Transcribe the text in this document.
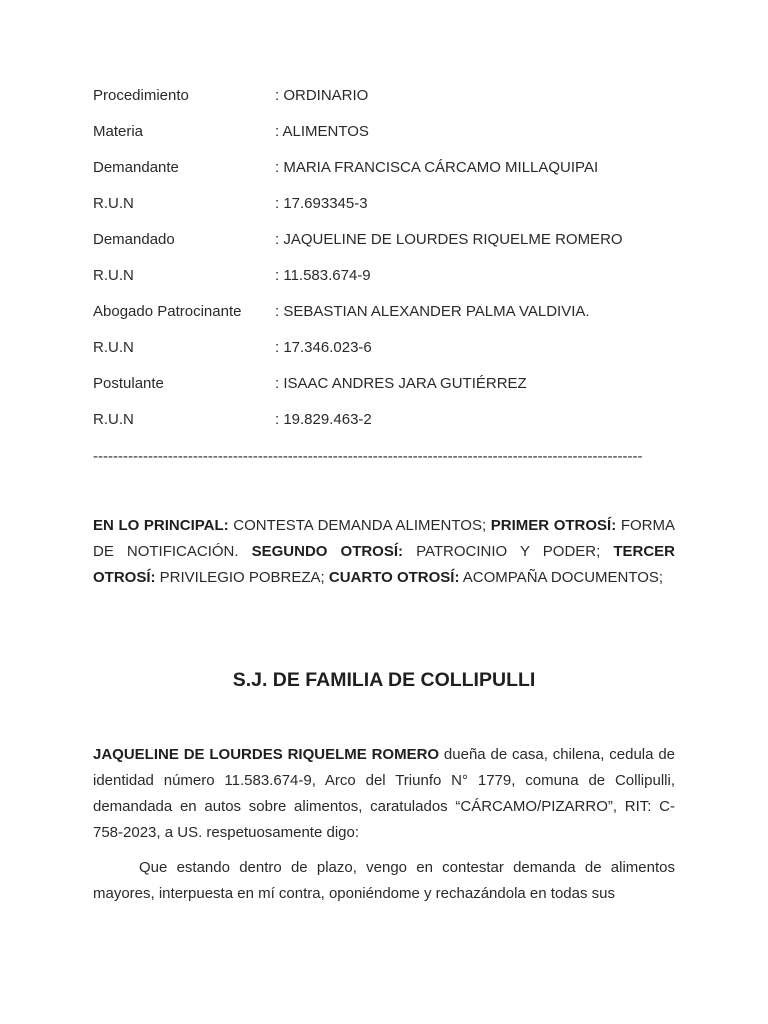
Procedimiento	: ORDINARIO
Materia	: ALIMENTOS
Demandante	: MARIA FRANCISCA CÁRCAMO MILLAQUIPAI
R.U.N	: 17.693345-3
Demandado	: JAQUELINE DE LOURDES RIQUELME ROMERO
R.U.N	: 11.583.674-9
Abogado Patrocinante : SEBASTIAN ALEXANDER PALMA VALDIVIA.
R.U.N	: 17.346.023-6
Postulante	: ISAAC ANDRES JARA GUTIÉRREZ
R.U.N	: 19.829.463-2
--------------------------------------------------------------------------------------------------------------
EN LO PRINCIPAL: CONTESTA DEMANDA ALIMENTOS; PRIMER OTROSÍ: FORMA DE NOTIFICACIÓN. SEGUNDO OTROSÍ: PATROCINIO Y PODER; TERCER OTROSÍ: PRIVILEGIO POBREZA; CUARTO OTROSÍ: ACOMPAÑA DOCUMENTOS;
S.J. DE FAMILIA DE COLLIPULLI
JAQUELINE DE LOURDES RIQUELME ROMERO dueña de casa, chilena, cedula de identidad número 11.583.674-9, Arco del Triunfo N° 1779, comuna de Collipulli, demandada en autos sobre alimentos, caratulados “CÁRCAMO/PIZARRO”, RIT: C-758-2023, a US. respetuosamente digo:
Que estando dentro de plazo, vengo en contestar demanda de alimentos mayores, interpuesta en mí contra, oponiéndome y rechazándola en todas sus
